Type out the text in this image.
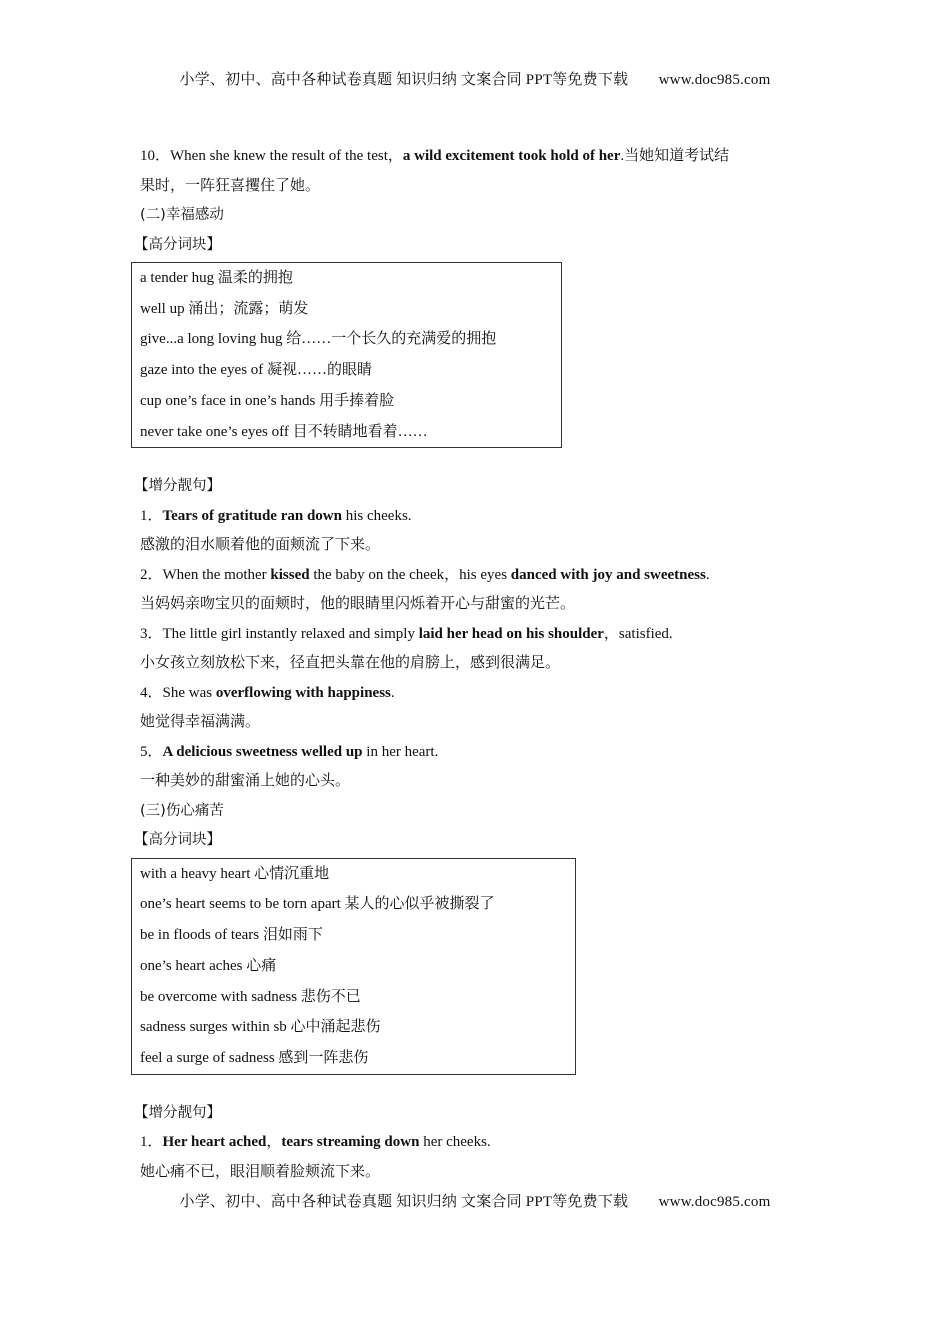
小学、初中、高中各种试卷真题 知识归纳 文案合同 PPT等免费下载　　www.doc985.com
10．When she knew the result of the test，a wild excitement took hold of her.当她知道考试结
果时，一阵狂喜攫住了她。
(二)幸福感动
【高分词块】
a tender hug 温柔的拥抱
well up 涌出；流露；萌发
give...a long loving hug 给……一个长久的充满爱的拥抱
gaze into the eyes of 凝视……的眼睛
cup one’s face in one’s hands 用手捧着脸
never take one’s eyes off 目不转睛地看着……
【增分靓句】
1．Tears of gratitude ran down his cheeks.
感激的泪水顺着他的面颊流了下来。
2．When the mother kissed the baby on the cheek，his eyes danced with joy and sweetness.
当妈妈亲吻宝贝的面颊时，他的眼睛里闪烁着开心与甜蜜的光芒。
3．The little girl instantly relaxed and simply laid her head on his shoulder，satisfied.
小女孩立刻放松下来，径直把头靠在他的肩膀上，感到很满足。
4．She was overflowing with happiness.
她觉得幸福满满。
5．A delicious sweetness welled up in her heart.
一种美妙的甜蜜涌上她的心头。
(三)伤心痛苦
【高分词块】
with a heavy heart 心情沉重地
one’s heart seems to be torn apart 某人的心似乎被撕裂了
be in floods of tears 泪如雨下
one’s heart aches 心痛
be overcome with sadness 悲伤不已
sadness surges within sb 心中涌起悲伤
feel a surge of sadness 感到一阵悲伤
【增分靓句】
1．Her heart ached，tears streaming down her cheeks.
她心痛不已，眼泪顺着脸颊流下来。
小学、初中、高中各种试卷真题 知识归纳 文案合同 PPT等免费下载　　www.doc985.com
